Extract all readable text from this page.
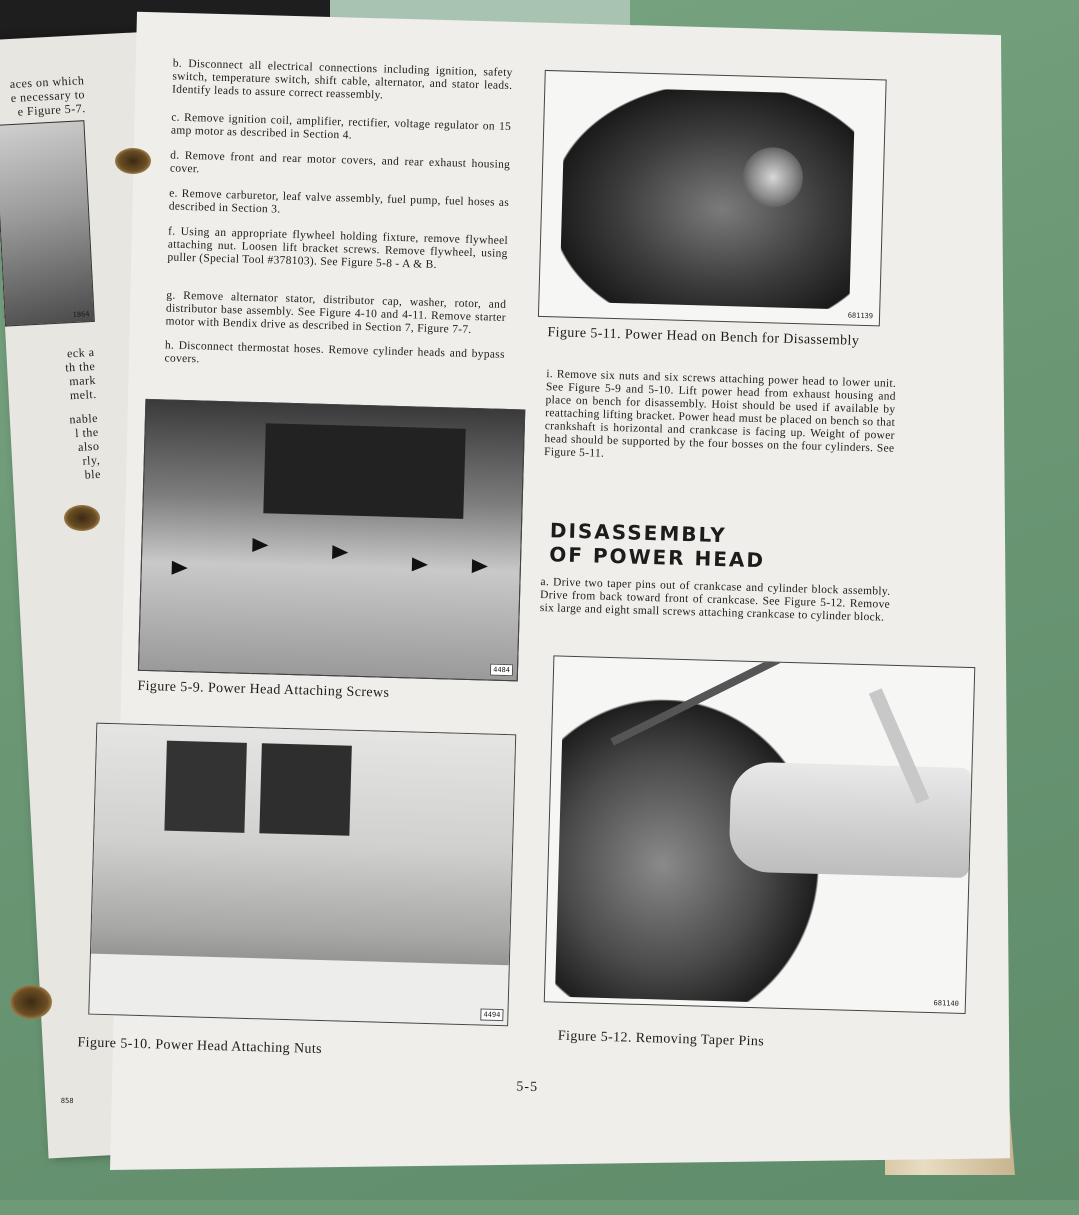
aces on which
e necessary to
e Figure 5-7.
1864
eck a
th the
mark
melt.
nable
l the
also
rly,
ble
b. Disconnect all electrical connections including ignition, safety switch, temperature switch, shift cable, alternator, and stator leads. Identify leads to assure correct reassembly.
c. Remove ignition coil, amplifier, rectifier, voltage regulator on 15 amp motor as described in Section 4.
d. Remove front and rear motor covers, and rear exhaust housing cover.
e. Remove carburetor, leaf valve assembly, fuel pump, fuel hoses as described in Section 3.
f. Using an appropriate flywheel holding fixture, remove flywheel attaching nut. Loosen lift bracket screws. Remove flywheel, using puller (Special Tool #378103). See Figure 5-8 - A & B.
g. Remove alternator stator, distributor cap, washer, rotor, and distributor base assembly. See Figure 4-10 and 4-11. Remove starter motor with Bendix drive as described in Section 7, Figure 7-7.
h. Disconnect thermostat hoses. Remove cylinder heads and bypass covers.
4484
Figure 5-9. Power Head Attaching Screws
4494
Figure 5-10. Power Head Attaching Nuts
681139
Figure 5-11. Power Head on Bench for Disassembly
i. Remove six nuts and six screws attaching power head to lower unit. See Figure 5-9 and 5-10. Lift power head from exhaust housing and place on bench for disassembly. Hoist should be used if available by reattaching lifting bracket. Power head must be placed on bench so that crankshaft is horizontal and crankcase is facing up. Weight of power head should be supported by the four bosses on the four cylinders. See Figure 5-11.
DISASSEMBLY
OF POWER HEAD
a. Drive two taper pins out of crankcase and cylinder block assembly. Drive from back toward front of crankcase. See Figure 5-12. Remove six large and eight small screws attaching crankcase to cylinder block.
681140
Figure 5-12. Removing Taper Pins
5-5
858
